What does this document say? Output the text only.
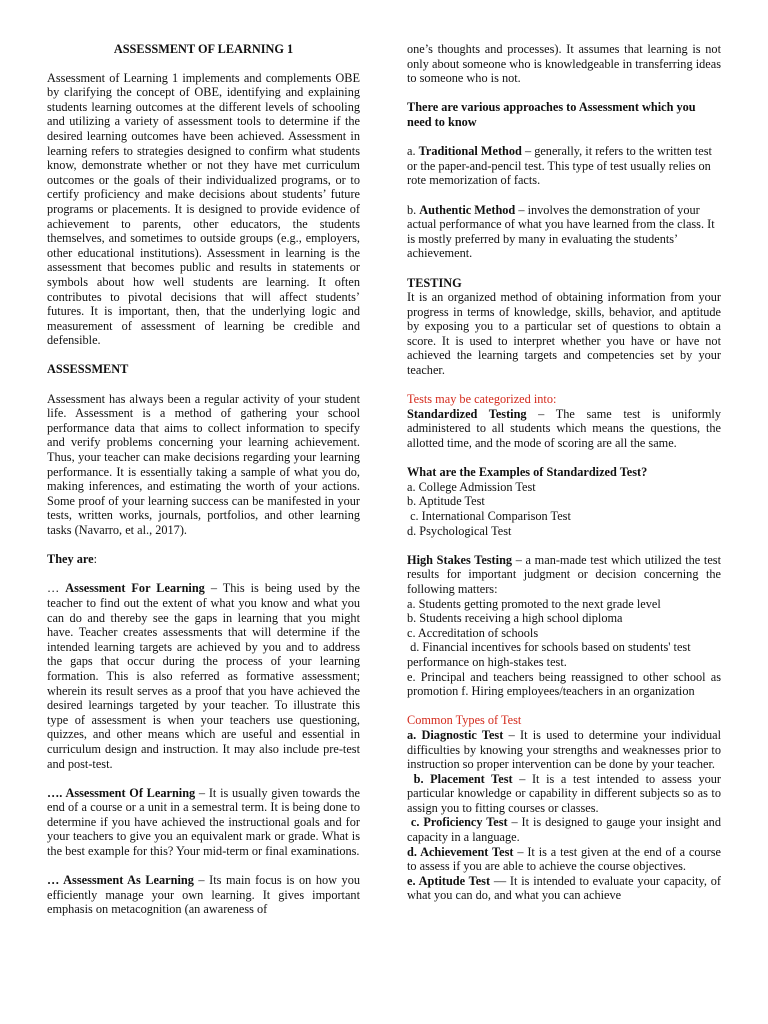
ASSESSMENT OF LEARNING 1

Assessment of Learning 1 implements and complements OBE by clarifying the concept of OBE, identifying and explaining students learning outcomes at the different levels of schooling and utilizing a variety of assessment tools to determine if the desired learning outcomes have been achieved. Assessment in learning refers to strategies designed to confirm what students know, demonstrate whether or not they have met curriculum outcomes or the goals of their individualized programs, or to certify proficiency and make decisions about students’ future programs or placements. It is designed to provide evidence of achievement to parents, other educators, the students themselves, and sometimes to outside groups (e.g., employers, other educational institutions). Assessment in learning is the assessment that becomes public and results in statements or symbols about how well students are learning. It often contributes to pivotal decisions that will affect students’ futures. It is important, then, that the underlying logic and measurement of assessment of learning be credible and defensible.

ASSESSMENT

Assessment has always been a regular activity of your student life. Assessment is a method of gathering your school performance data that aims to collect information to specify and verify problems concerning your learning achievement. Thus, your teacher can make decisions regarding your learning performance. It is essentially taking a sample of what you do, making inferences, and estimating the worth of your actions. Some proof of your learning success can be manifested in your tests, written works, journals, portfolios, and other learning tasks (Navarro, et al., 2017).

They are:

… Assessment For Learning – This is being used by the teacher to find out the extent of what you know and what you can do and thereby see the gaps in learning that you might have. Teacher creates assessments that will determine if the intended learning targets are achieved by you and to address the gaps that occur during the process of your learning formation. This is also referred as formative assessment; wherein its result serves as a proof that you have achieved the desired learnings targeted by your teacher. To illustrate this type of assessment is when your teachers use questioning, quizzes, and other means which are useful and essential in curriculum design and instruction. It may also include pre-test and post-test.

…. Assessment Of Learning – It is usually given towards the end of a course or a unit in a semestral term. It is being done to determine if you have achieved the instructional goals and for your teachers to give you an equivalent mark or grade. What is the best example for this? Your mid-term or final examinations.

… Assessment As Learning – Its main focus is on how you efficiently manage your own learning. It gives important emphasis on metacognition (an awareness of

one’s thoughts and processes). It assumes that learning is not only about someone who is knowledgeable in transferring ideas to someone who is not.

There are various approaches to Assessment which you need to know

a. Traditional Method – generally, it refers to the written test or the paper-and-pencil test. This type of test usually relies on rote memorization of facts.

b. Authentic Method – involves the demonstration of your actual performance of what you have learned from the class. It is mostly preferred by many in evaluating the students’ achievement.

TESTING

It is an organized method of obtaining information from your progress in terms of knowledge, skills, behavior, and aptitude by exposing you to a particular set of questions to obtain a score. It is used to interpret whether you have or have not achieved the learning targets and competencies set by your teacher.

Tests may be categorized into:

Standardized Testing – The same test is uniformly administered to all students which means the questions, the allotted time, and the mode of scoring are all the same.

What are the Examples of Standardized Test?

a. College Admission Test

b. Aptitude Test

c. International Comparison Test

d. Psychological Test

High Stakes Testing – a man-made test which utilized the test results for important judgment or decision concerning the following matters:

a. Students getting promoted to the next grade level

b. Students receiving a high school diploma

c. Accreditation of schools

d. Financial incentives for schools based on students' test performance on high-stakes test.

e. Principal and teachers being reassigned to other school as promotion f. Hiring employees/teachers in an organization

Common Types of Test

a. Diagnostic Test – It is used to determine your individual difficulties by knowing your strengths and weaknesses prior to instruction so proper intervention can be done by your teacher.

b. Placement Test – It is a test intended to assess your particular knowledge or capability in different subjects so as to assign you to fitting courses or classes.

c. Proficiency Test – It is designed to gauge your insight and capacity in a language.

d. Achievement Test – It is a test given at the end of a course to assess if you are able to achieve the course objectives.

e. Aptitude Test — It is intended to evaluate your capacity, of what you can do, and what you can achieve
